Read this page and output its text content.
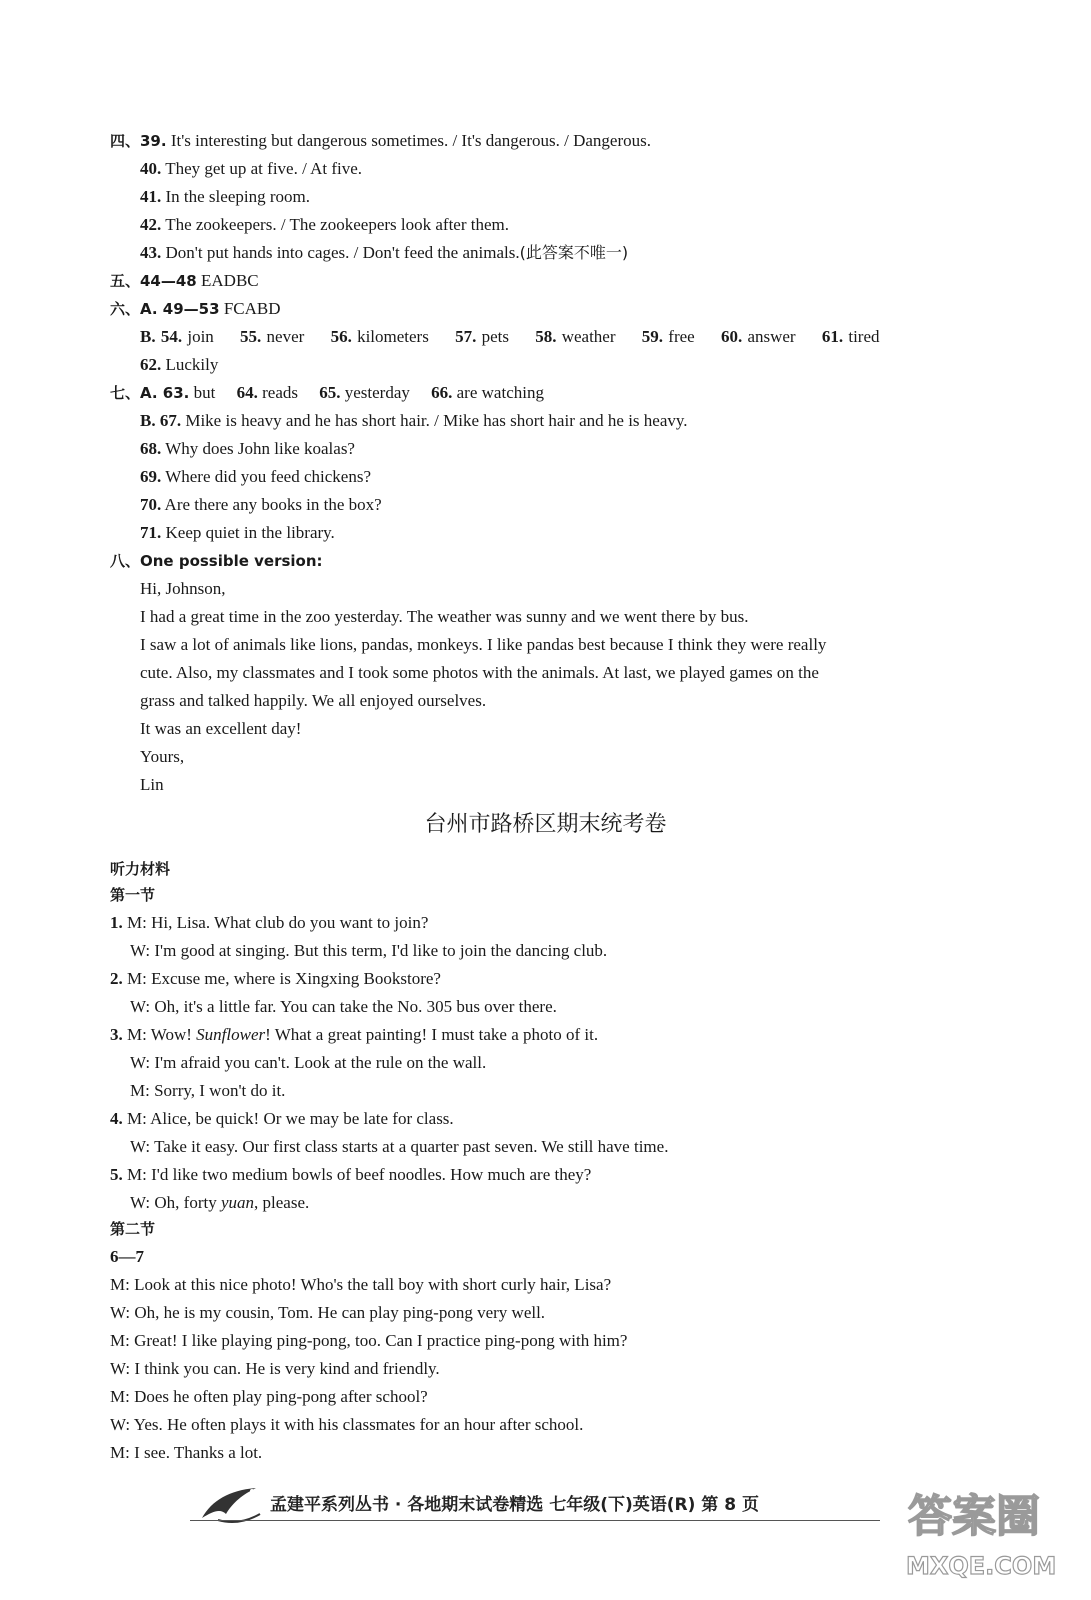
四、39. It's interesting but dangerous sometimes. / It's dangerous. / Dangerous.
40. They get up at five. / At five.
41. In the sleeping room.
42. The zookeepers. / The zookeepers look after them.
43. Don't put hands into cages. / Don't feed the animals.(此答案不唯一)
五、44—48 EADBC
六、A. 49—53 FCABD
B. 54. join 55. never 56. kilometers 57. pets 58. weather 59. free 60. answer 61. tired
62. Luckily
七、A. 63. but 64. reads 65. yesterday 66. are watching
B. 67. Mike is heavy and he has short hair. / Mike has short hair and he is heavy.
68. Why does John like koalas?
69. Where did you feed chickens?
70. Are there any books in the box?
71. Keep quiet in the library.
八、One possible version:
Hi, Johnson,
I had a great time in the zoo yesterday. The weather was sunny and we went there by bus.
I saw a lot of animals like lions, pandas, monkeys. I like pandas best because I think they were really
cute. Also, my classmates and I took some photos with the animals. At last, we played games on the
grass and talked happily. We all enjoyed ourselves.
It was an excellent day!
Yours,
Lin
台州市路桥区期末统考卷
听力材料
第一节
1. M: Hi, Lisa. What club do you want to join?
W: I'm good at singing. But this term, I'd like to join the dancing club.
2. M: Excuse me, where is Xingxing Bookstore?
W: Oh, it's a little far. You can take the No. 305 bus over there.
3. M: Wow! Sunflower! What a great painting! I must take a photo of it.
W: I'm afraid you can't. Look at the rule on the wall.
M: Sorry, I won't do it.
4. M: Alice, be quick! Or we may be late for class.
W: Take it easy. Our first class starts at a quarter past seven. We still have time.
5. M: I'd like two medium bowls of beef noodles. How much are they?
W: Oh, forty yuan, please.
第二节
6—7
M: Look at this nice photo! Who's the tall boy with short curly hair, Lisa?
W: Oh, he is my cousin, Tom. He can play ping-pong very well.
M: Great! I like playing ping-pong, too. Can I practice ping-pong with him?
W: I think you can. He is very kind and friendly.
M: Does he often play ping-pong after school?
W: Yes. He often plays it with his classmates for an hour after school.
M: I see. Thanks a lot.
孟建平系列丛书 · 各地期末试卷精选 七年级(下)英语(R) 第 8 页	答案圈
MXQE.COM
